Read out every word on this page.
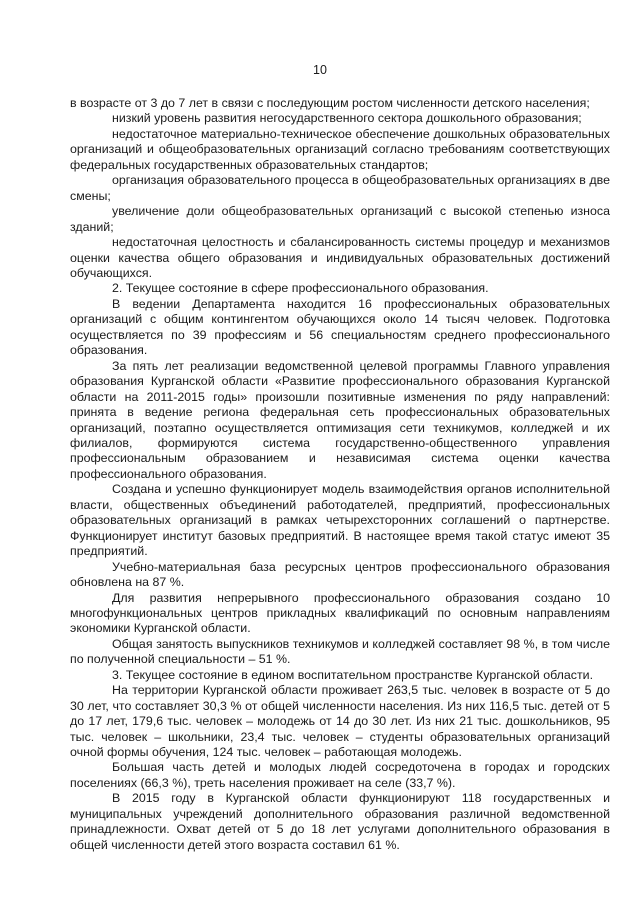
10

в возрасте от 3 до 7 лет в связи с последующим ростом численности детского населения;

низкий уровень развития негосударственного сектора дошкольного образования;

недостаточное материально-техническое обеспечение дошкольных образовательных организаций и общеобразовательных организаций согласно требованиям соответствующих федеральных государственных образовательных стандартов;

организация образовательного процесса в общеобразовательных организациях в две смены;

увеличение доли общеобразовательных организаций с высокой степенью износа зданий;

недостаточная целостность и сбалансированность системы процедур и механизмов оценки качества общего образования и индивидуальных образовательных достижений обучающихся.

2. Текущее состояние в сфере профессионального образования.

В ведении Департамента находится 16 профессиональных образовательных организаций с общим контингентом обучающихся около 14 тысяч человек. Подготовка осуществляется по 39 профессиям и 56 специальностям среднего профессионального образования.

За пять лет реализации ведомственной целевой программы Главного управления образования Курганской области «Развитие профессионального образования Курганской области на 2011-2015 годы» произошли позитивные изменения по ряду направлений: принята в ведение региона федеральная сеть профессиональных образовательных организаций, поэтапно осуществляется оптимизация сети техникумов, колледжей и их филиалов, формируются система государственно-общественного управления профессиональным образованием и независимая система оценки качества профессионального образования.

Создана и успешно функционирует модель взаимодействия органов исполнительной власти, общественных объединений работодателей, предприятий, профессиональных образовательных организаций в рамках четырехсторонних соглашений о партнерстве. Функционирует институт базовых предприятий. В настоящее время такой статус имеют 35 предприятий.

Учебно-материальная база ресурсных центров профессионального образования обновлена на 87 %.

Для развития непрерывного профессионального образования создано 10 многофункциональных центров прикладных квалификаций по основным направлениям экономики Курганской области.

Общая занятость выпускников техникумов и колледжей составляет 98 %, в том числе по полученной специальности – 51 %.

3. Текущее состояние в едином воспитательном пространстве Курганской области.

На территории Курганской области проживает 263,5 тыс. человек в возрасте от 5 до 30 лет, что составляет 30,3 % от общей численности населения. Из них 116,5 тыс. детей от 5 до 17 лет, 179,6 тыс. человек – молодежь от 14 до 30 лет. Из них 21 тыс. дошкольников, 95 тыс. человек – школьники, 23,4 тыс. человек – студенты образовательных организаций очной формы обучения, 124 тыс. человек – работающая молодежь.

Большая часть детей и молодых людей сосредоточена в городах и городских поселениях (66,3 %), треть населения проживает на селе (33,7 %).

В 2015 году в Курганской области функционируют 118 государственных и муниципальных учреждений дополнительного образования различной ведомственной принадлежности. Охват детей от 5 до 18 лет услугами дополнительного образования в общей численности детей этого возраста составил 61 %.
